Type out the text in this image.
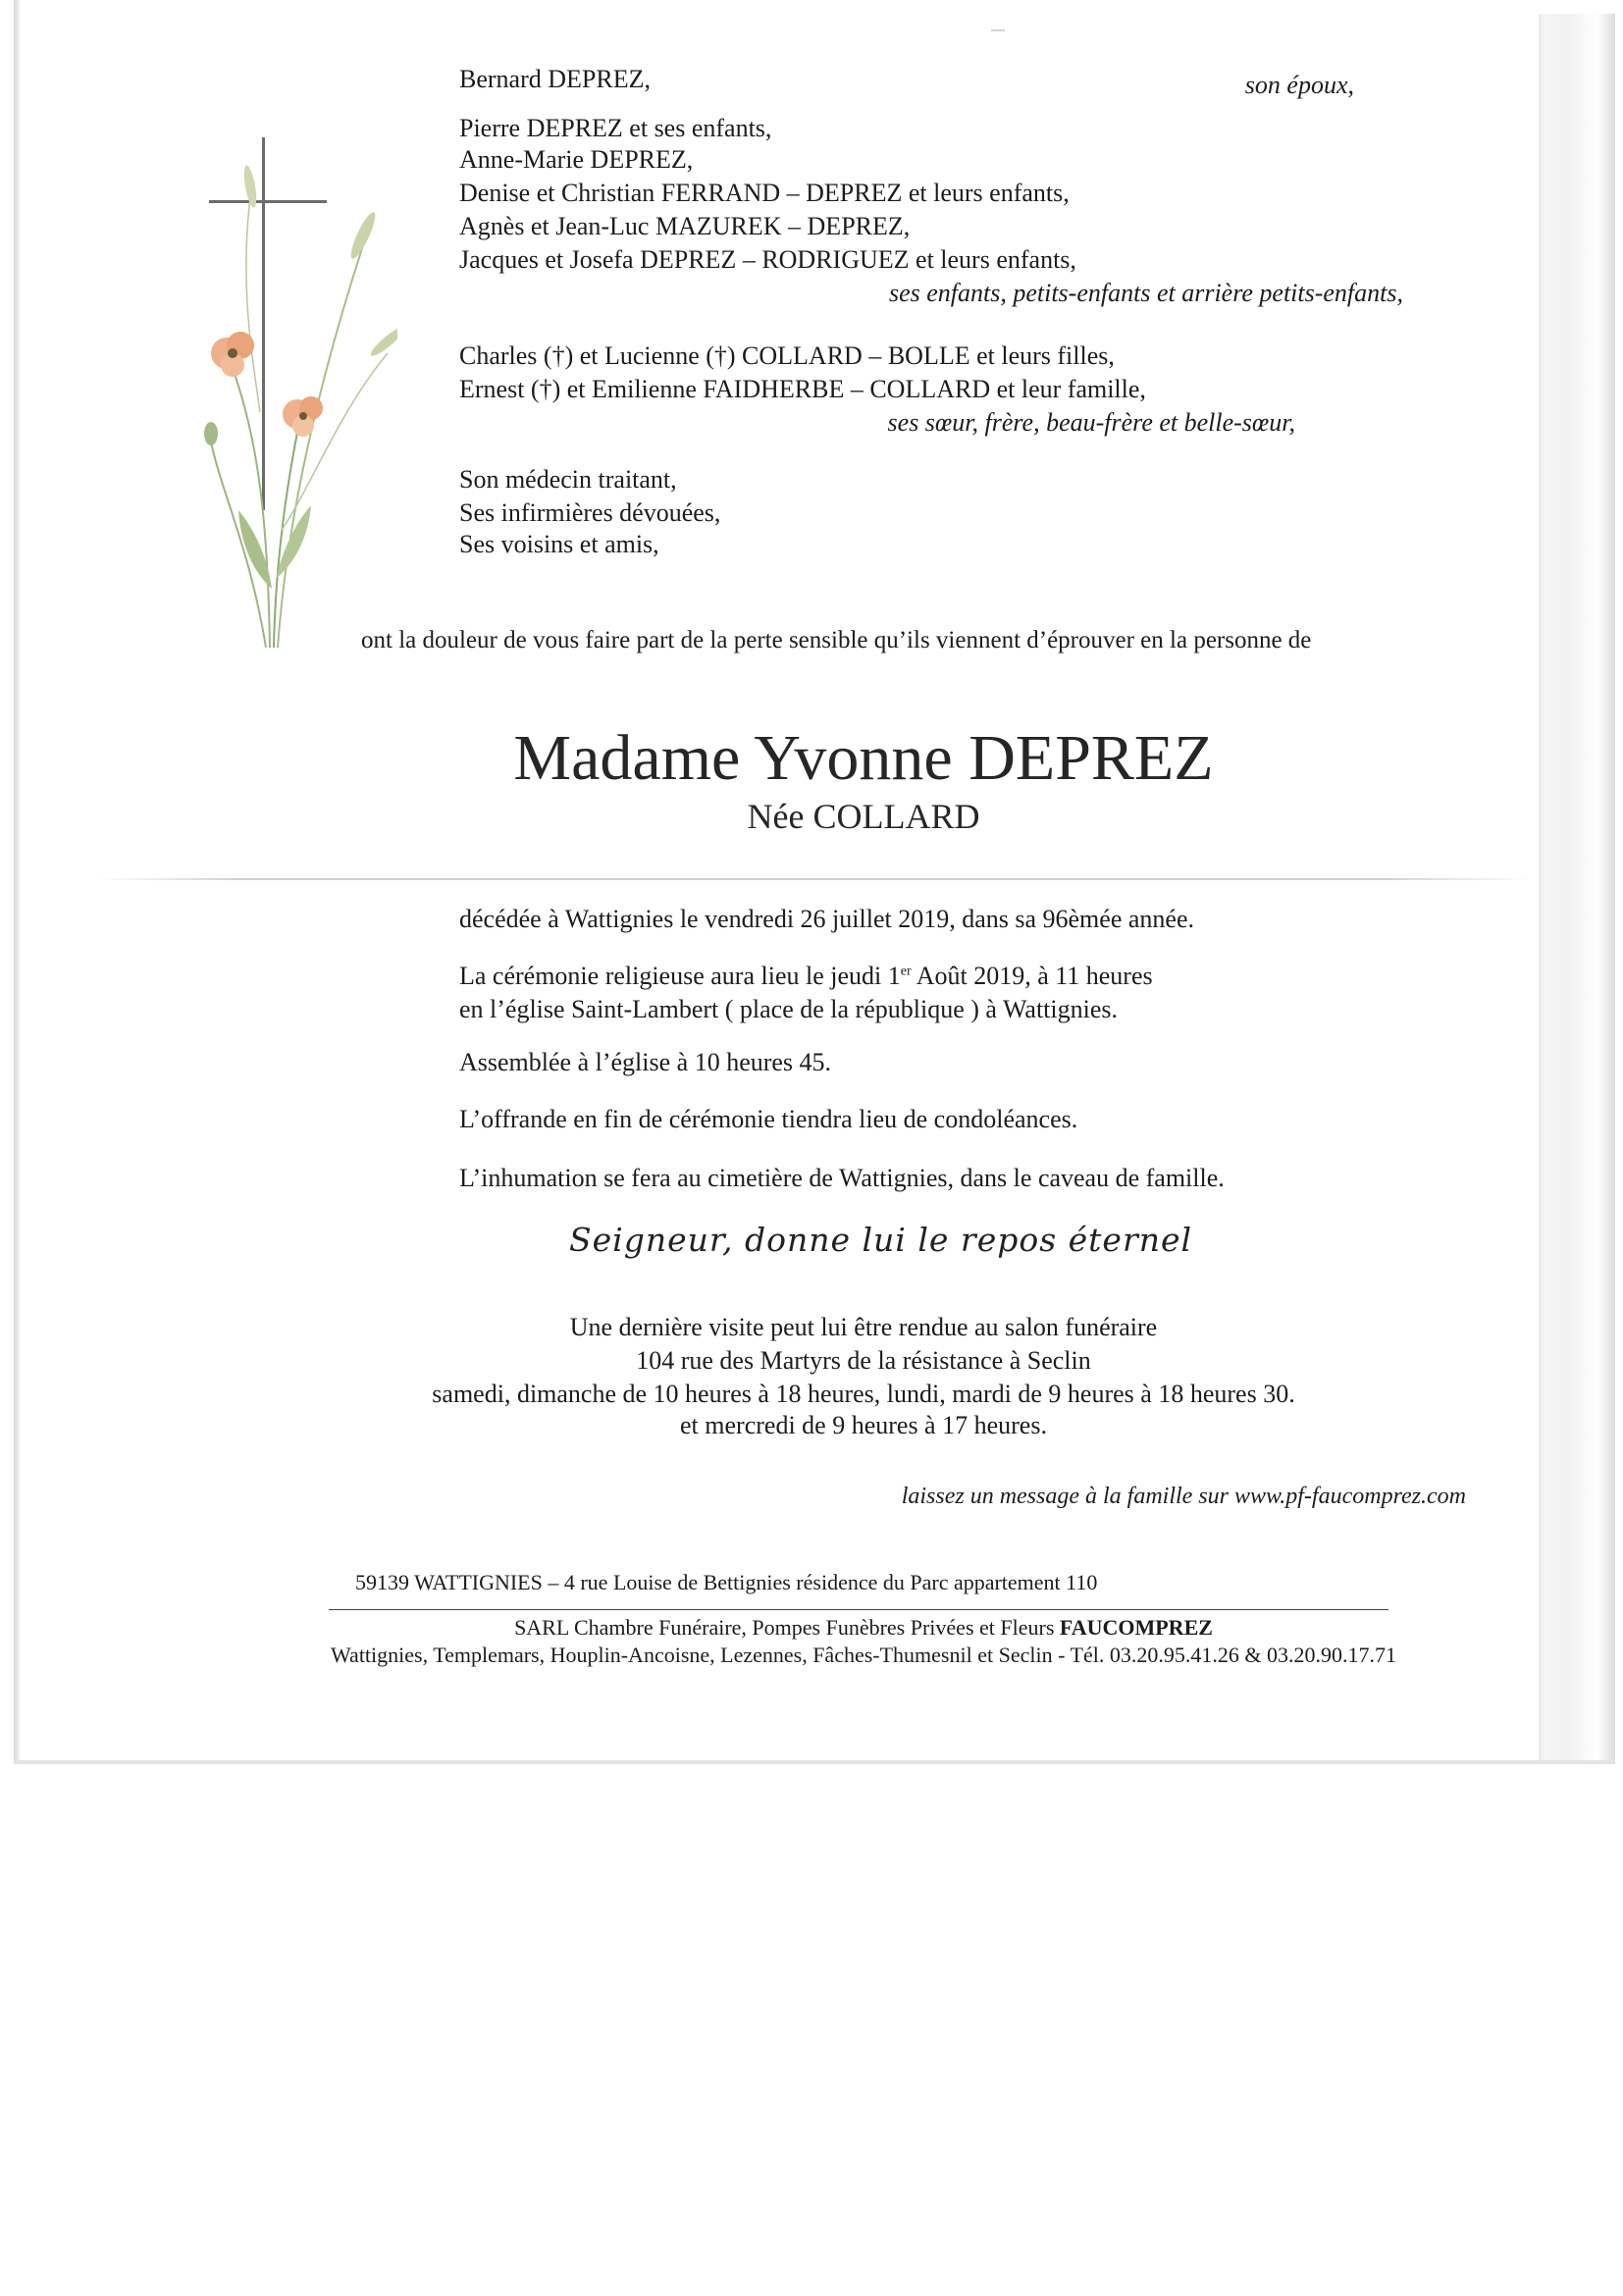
Bernard DEPREZ,	son époux,
Pierre DEPREZ et ses enfants,
Anne-Marie DEPREZ,
Denise et Christian FERRAND – DEPREZ et leurs enfants,
Agnès et Jean-Luc MAZUREK – DEPREZ,
Jacques et Josefa DEPREZ – RODRIGUEZ et leurs enfants,
ses enfants, petits-enfants et arrière petits-enfants,
Charles (†) et Lucienne (†) COLLARD – BOLLE et leurs filles,
Ernest (†) et Emilienne FAIDHERBE – COLLARD et leur famille,
ses sœur, frère, beau-frère et belle-sœur,
Son médecin traitant,
Ses infirmières dévouées,
Ses voisins et amis,
ont la douleur de vous faire part de la perte sensible qu’ils viennent d’éprouver en la personne de
Madame Yvonne DEPREZ
Née COLLARD
décédée à Wattignies le vendredi 26 juillet 2019, dans sa 96èmée année.
La cérémonie religieuse aura lieu le jeudi 1er Août 2019, à 11 heures
en l’église Saint-Lambert ( place de la république ) à Wattignies.
Assemblée à l’église à 10 heures 45.
L’offrande en fin de cérémonie tiendra lieu de condoléances.
L’inhumation se fera au cimetière de Wattignies, dans le caveau de famille.
Seigneur, donne lui le repos éternel
Une dernière visite peut lui être rendue au salon funéraire
104 rue des Martyrs de la résistance à Seclin
samedi, dimanche de 10 heures à 18 heures, lundi, mardi de 9 heures à 18 heures 30.
et mercredi de 9 heures à 17 heures.
laissez un message à la famille sur www.pf-faucomprez.com
59139 WATTIGNIES – 4 rue Louise de Bettignies résidence du Parc appartement 110
SARL Chambre Funéraire, Pompes Funèbres Privées et Fleurs FAUCOMPREZ
Wattignies, Templemars, Houplin-Ancoisne, Lezennes, Fâches-Thumesnil et Seclin - Tél. 03.20.95.41.26 & 03.20.90.17.71
